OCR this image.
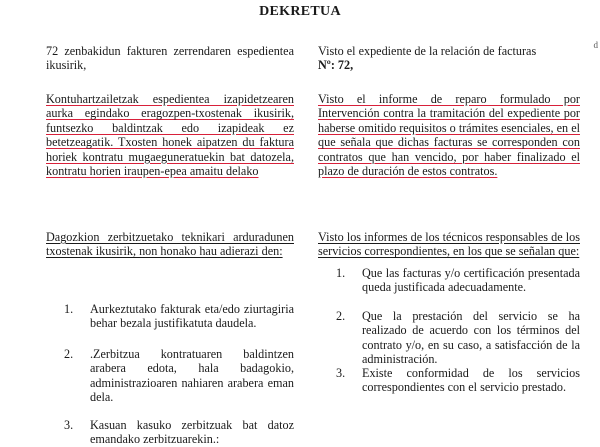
DEKRETUA
d

72 zenbakidun fakturen zerrendaren espedientea ikusirik,

Kontuhartzailetzak espedientea izapidetzearen aurka egindako eragozpen-txostenak ikusirik, funtsezko baldintzak edo izapideak ez betetzeagatik. Txosten honek aipatzen du faktura horiek kontratu mugaeguneratuekin bat datozela, kontratu horien iraupen-epea amaitu delako

Dagozkion zerbitzuetako teknikari arduradunen txostenak ikusirik, non honako hau adierazi den:

1. Aurkeztutako fakturak eta/edo ziurtagiria behar bezala justifikatuta daudela.
2. .Zerbitzua kontratuaren baldintzen arabera edota, hala badagokio, administrazioaren nahiaren arabera eman dela.
3. Kasuan kasuko zerbitzuak bat datoz emandako zerbitzuarekin.:

Visto el expediente de la relación de facturas
Nº: 72,

Visto el informe de reparo formulado por Intervención contra la tramitación del expediente por haberse omitido requisitos o trámites esenciales, en el que señala que dichas facturas se corresponden con contratos que han vencido, por haber finalizado el plazo de duración de estos contratos.

Visto los informes de los técnicos responsables de los servicios correspondientes, en los que se señalan que:

1. Que las facturas y/o certificación presentada queda justificada adecuadamente.
2. Que la prestación del servicio se ha realizado de acuerdo con los términos del contrato y/o, en su caso, a satisfacción de la administración.
3. Existe conformidad de los servicios correspondientes con el servicio prestado.
